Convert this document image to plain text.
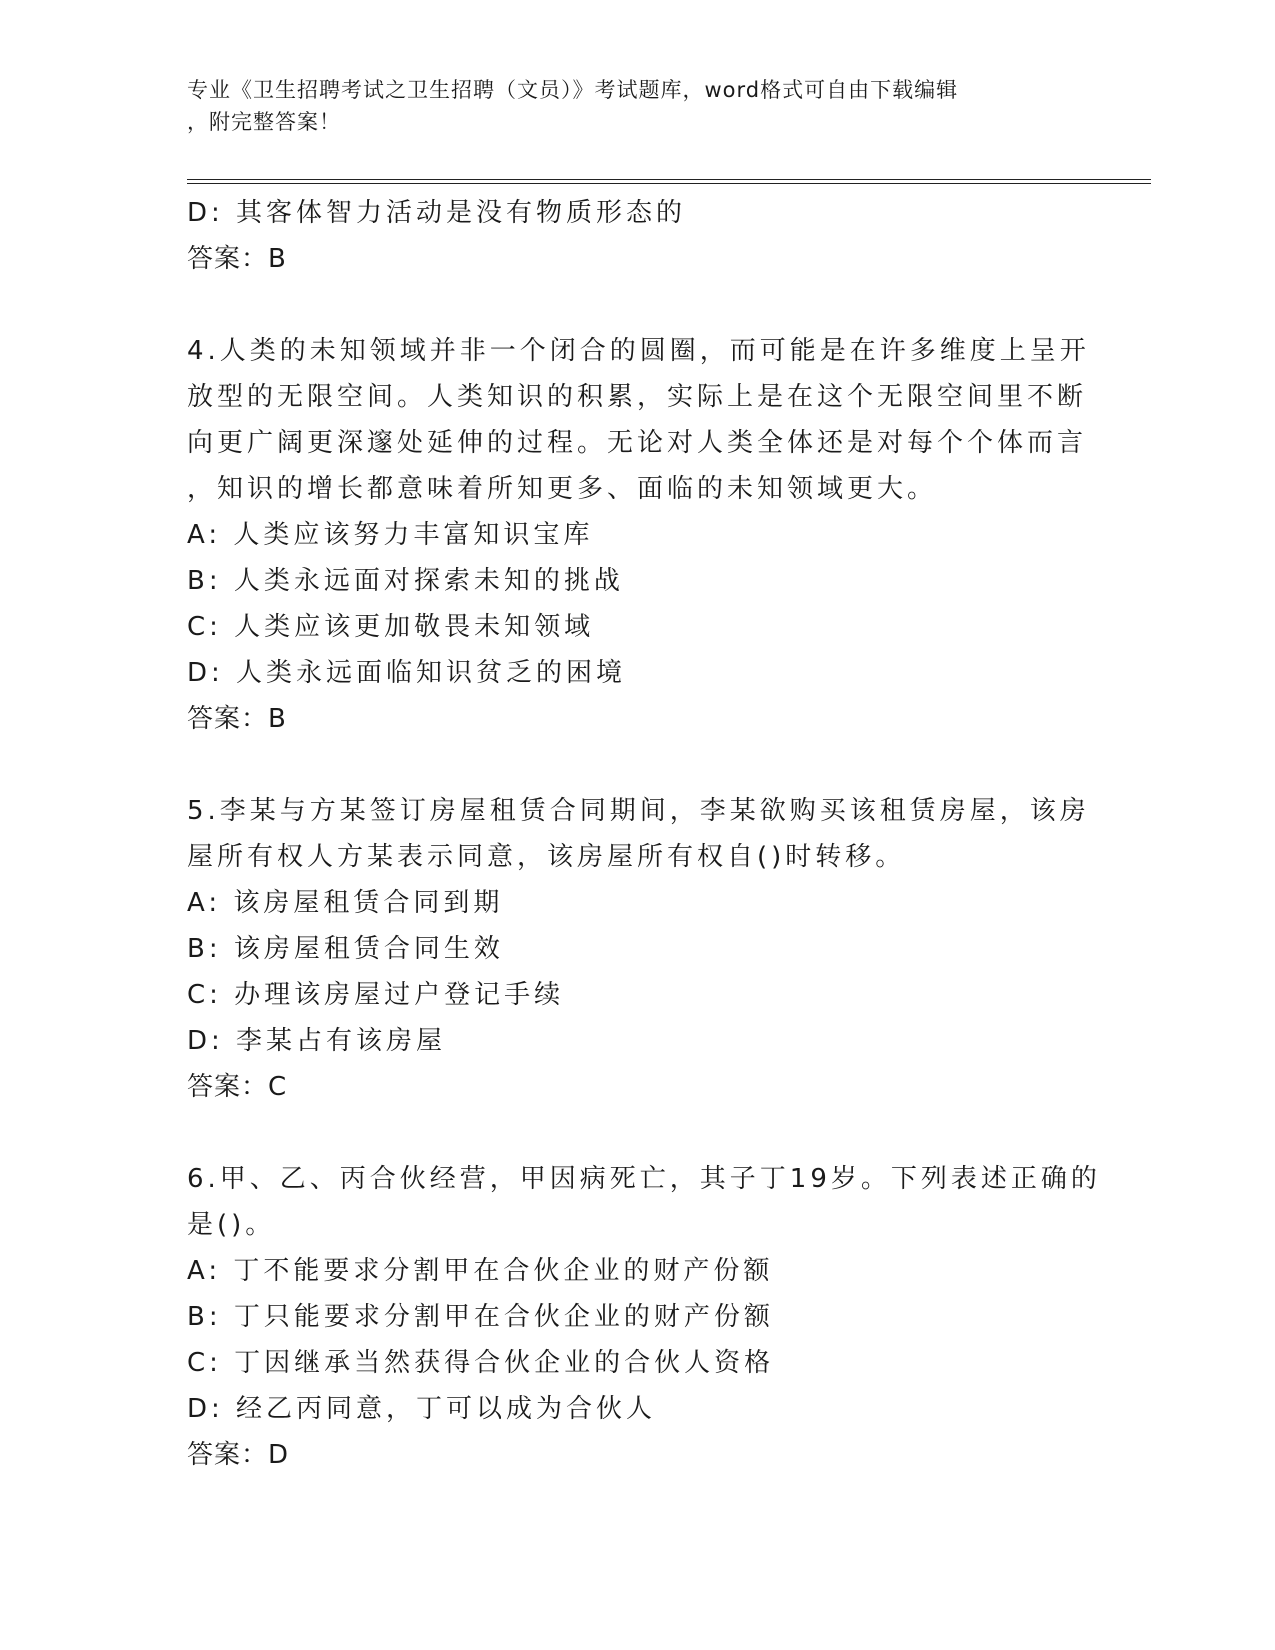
专业《卫生招聘考试之卫生招聘（文员）》考试题库，word格式可自由下载编辑
，附完整答案！
D: 其客体智力活动是没有物质形态的
答案：B
4.人类的未知领域并非一个闭合的圆圈，而可能是在许多维度上呈开
放型的无限空间。人类知识的积累，实际上是在这个无限空间里不断
向更广阔更深邃处延伸的过程。无论对人类全体还是对每个个体而言
，知识的增长都意味着所知更多、面临的未知领域更大。
A: 人类应该努力丰富知识宝库
B: 人类永远面对探索未知的挑战
C: 人类应该更加敬畏未知领域
D: 人类永远面临知识贫乏的困境
答案：B
5.李某与方某签订房屋租赁合同期间，李某欲购买该租赁房屋，该房
屋所有权人方某表示同意，该房屋所有权自()时转移。
A: 该房屋租赁合同到期
B: 该房屋租赁合同生效
C: 办理该房屋过户登记手续
D: 李某占有该房屋
答案：C
6.甲、乙、丙合伙经营，甲因病死亡，其子丁19岁。下列表述正确的
是()。
A: 丁不能要求分割甲在合伙企业的财产份额
B: 丁只能要求分割甲在合伙企业的财产份额
C: 丁因继承当然获得合伙企业的合伙人资格
D: 经乙丙同意，丁可以成为合伙人
答案：D
